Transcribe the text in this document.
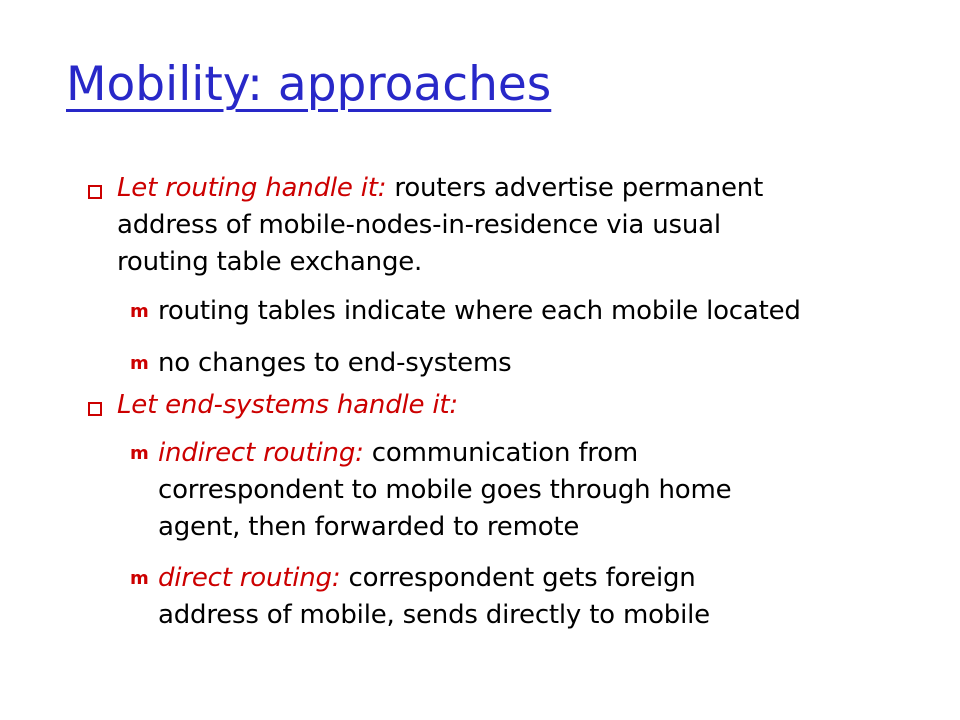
Mobility: approaches
Let routing handle it: routers advertise permanent
address of mobile-nodes-in-residence via usual
routing table exchange.
m routing tables indicate where each mobile located
m no changes to end-systems
Let end-systems handle it:
m indirect routing: communication from
correspondent to mobile goes through home
agent, then forwarded to remote
m direct routing: correspondent gets foreign
address of mobile, sends directly to mobile
